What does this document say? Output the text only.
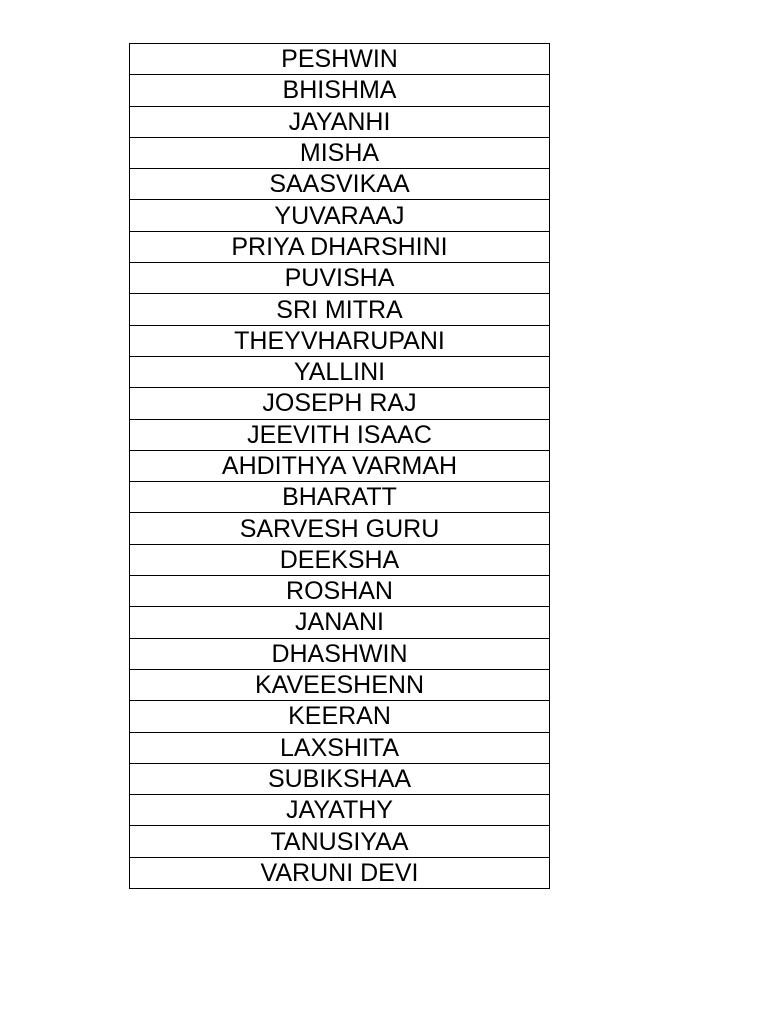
PESHWIN
BHISHMA
JAYANHI
MISHA
SAASVIKAA
YUVARAAJ
PRIYA DHARSHINI
PUVISHA
SRI MITRA
THEYVHARUPANI
YALLINI
JOSEPH RAJ
JEEVITH ISAAC
AHDITHYA VARMAH
BHARATT
SARVESH GURU
DEEKSHA
ROSHAN
JANANI
DHASHWIN
KAVEESHENN
KEERAN
LAXSHITA
SUBIKSHAA
JAYATHY
TANUSIYAA
VARUNI DEVI
